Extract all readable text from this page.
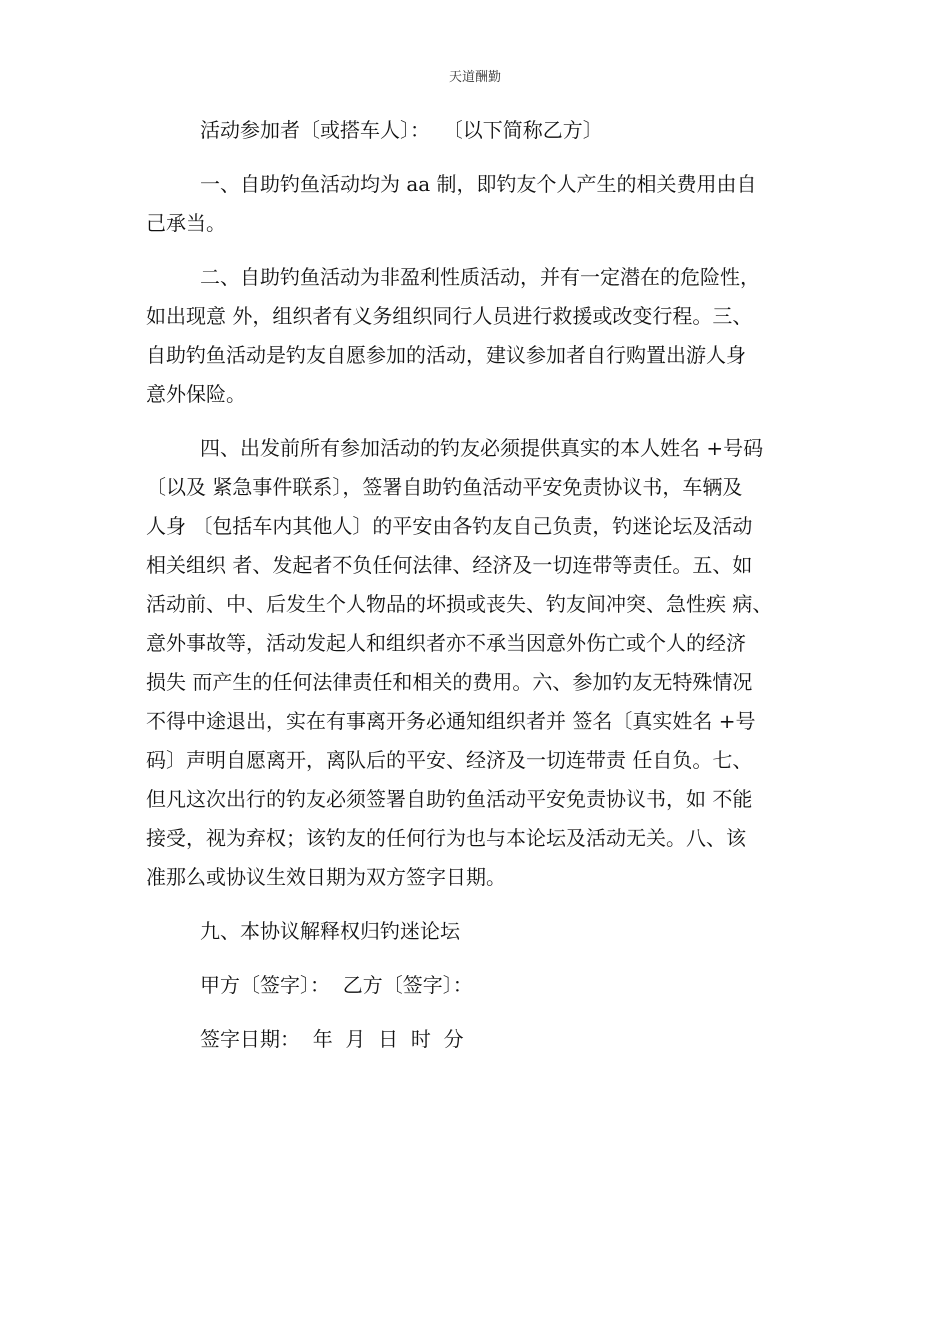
天道酬勤
活动参加者〔或搭车人〕：  〔以下简称乙方〕
一、自助钓鱼活动均为 aa 制，即钓友个人产生的相关费用由自
己承当。
二、自助钓鱼活动为非盈利性质活动，并有一定潜在的危险性，
如出现意 外，组织者有义务组织同行人员进行救援或改变行程。三、
自助钓鱼活动是钓友自愿参加的活动，建议参加者自行购置出游人身
意外保险。
四、出发前所有参加活动的钓友必须提供真实的本人姓名 +号码
〔以及 紧急事件联系〕，签署自助钓鱼活动平安免责协议书，车辆及
人身 〔包括车内其他人〕的平安由各钓友自己负责，钓迷论坛及活动
相关组织 者、发起者不负任何法律、经济及一切连带等责任。五、如
活动前、中、后发生个人物品的坏损或丧失、钓友间冲突、急性疾 病、
意外事故等，活动发起人和组织者亦不承当因意外伤亡或个人的经济
损失 而产生的任何法律责任和相关的费用。六、参加钓友无特殊情况
不得中途退出，实在有事离开务必通知组织者并 签名〔真实姓名 +号
码〕声明自愿离开，离队后的平安、经济及一切连带责 任自负。七、
但凡这次出行的钓友必须签署自助钓鱼活动平安免责协议书，如 不能
接受，视为弃权；该钓友的任何行为也与本论坛及活动无关。八、该
准那么或协议生效日期为双方签字日期。
九、本协议解释权归钓迷论坛
甲方〔签字〕：  乙方〔签字〕：
签字日期：  年  月  日  时  分
